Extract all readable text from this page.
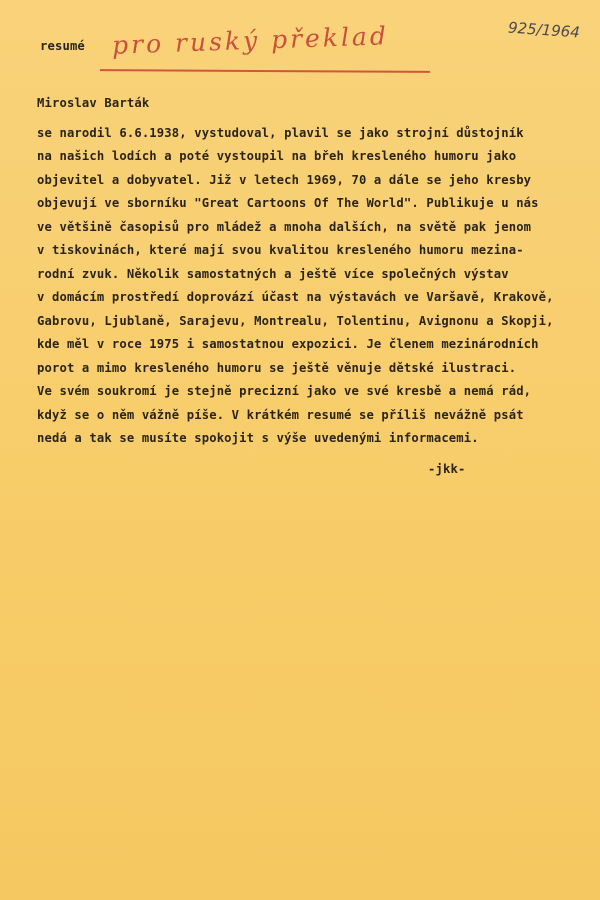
resumé pro ruský překlad	925/1964
Miroslav Barták
se narodil 6.6.1938, vystudoval, plavil se jako strojní důstojník
na našich lodích a poté vystoupil na břeh kresleného humoru jako
objevitel a dobyvatel. Již v letech 1969, 70 a dále se jeho kresby
objevují ve sborníku "Great Cartoons Of The World". Publikuje u nás
ve většině časopisů pro mládež a mnoha dalších, na světě pak jenom
v tiskovinách, které mají svou kvalitou kresleného humoru mezina-
rodní zvuk. Několik samostatných a ještě více společných výstav
v domácím prostředí doprovází účast na výstavách ve Varšavě, Krakově,
Gabrovu, Ljublaně, Sarajevu, Montrealu, Tolentinu, Avignonu a Skopji,
kde měl v roce 1975 i samostatnou expozici. Je členem mezinárodních
porot a mimo kresleného humoru se ještě věnuje dětské ilustraci.
Ve svém soukromí je stejně precizní jako ve své kresbě a nemá rád,
když se o něm vážně píše. V krátkém resumé se příliš nevážně psát
nedá a tak se musíte spokojit s výše uvedenými informacemi.
-jkk-
